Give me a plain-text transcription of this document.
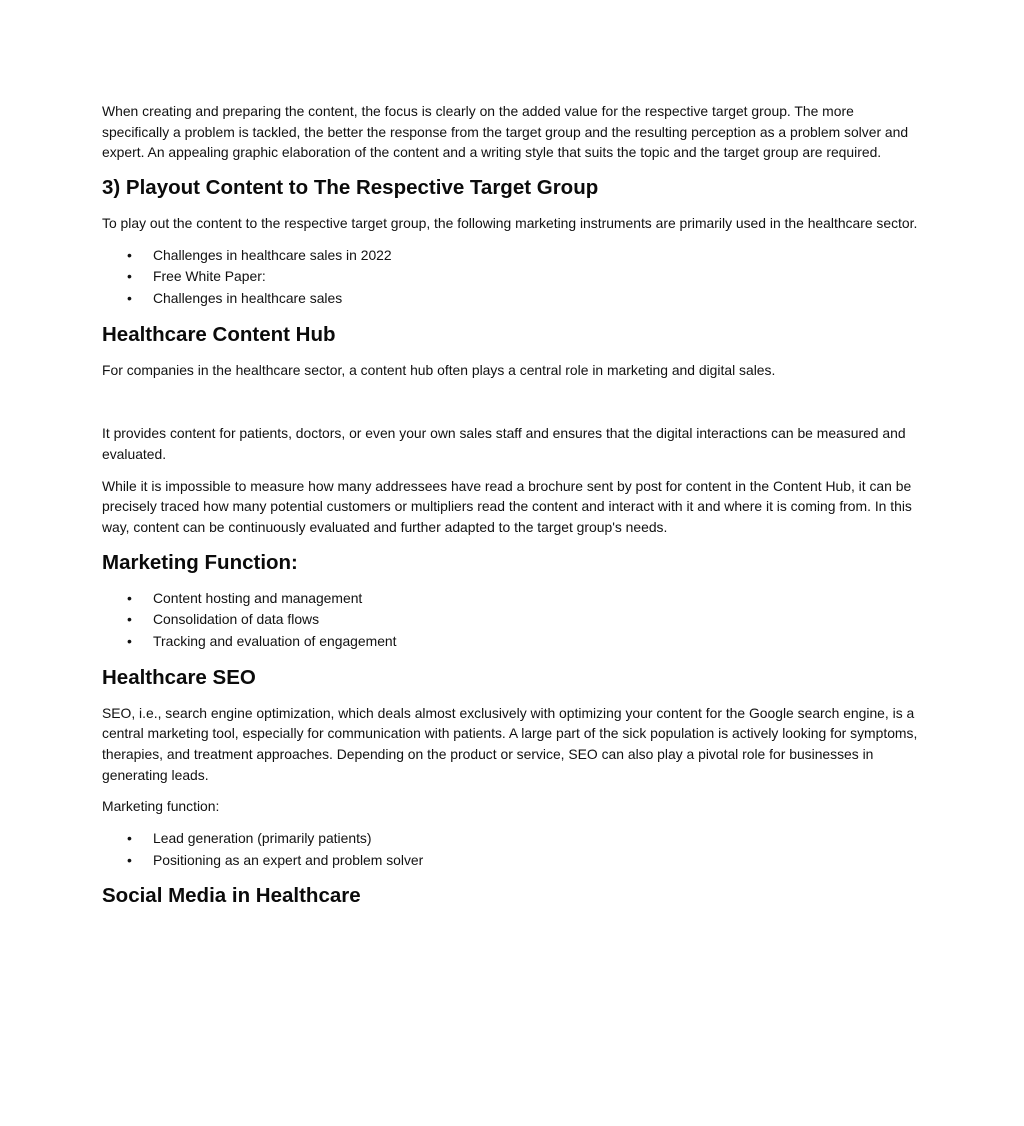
When creating and preparing the content, the focus is clearly on the added value for the respective target group. The more specifically a problem is tackled, the better the response from the target group and the resulting perception as a problem solver and expert. An appealing graphic elaboration of the content and a writing style that suits the topic and the target group are required.

3) Playout Content to The Respective Target Group

To play out the content to the respective target group, the following marketing instruments are primarily used in the healthcare sector.

• Challenges in healthcare sales in 2022
• Free White Paper:
• Challenges in healthcare sales
Healthcare Content Hub

For companies in the healthcare sector, a content hub often plays a central role in marketing and digital sales.

It provides content for patients, doctors, or even your own sales staff and ensures that the digital interactions can be measured and evaluated.

While it is impossible to measure how many addressees have read a brochure sent by post for content in the Content Hub, it can be precisely traced how many potential customers or multipliers read the content and interact with it and where it is coming from. In this way, content can be continuously evaluated and further adapted to the target group's needs.

Marketing Function:
• Content hosting and management
• Consolidation of data flows
• Tracking and evaluation of engagement
Healthcare SEO

SEO, i.e., search engine optimization, which deals almost exclusively with optimizing your content for the Google search engine, is a central marketing tool, especially for communication with patients. A large part of the sick population is actively looking for symptoms, therapies, and treatment approaches. Depending on the product or service, SEO can also play a pivotal role for businesses in generating leads.

Marketing function:

• Lead generation (primarily patients)
• Positioning as an expert and problem solver
Social Media in Healthcare
